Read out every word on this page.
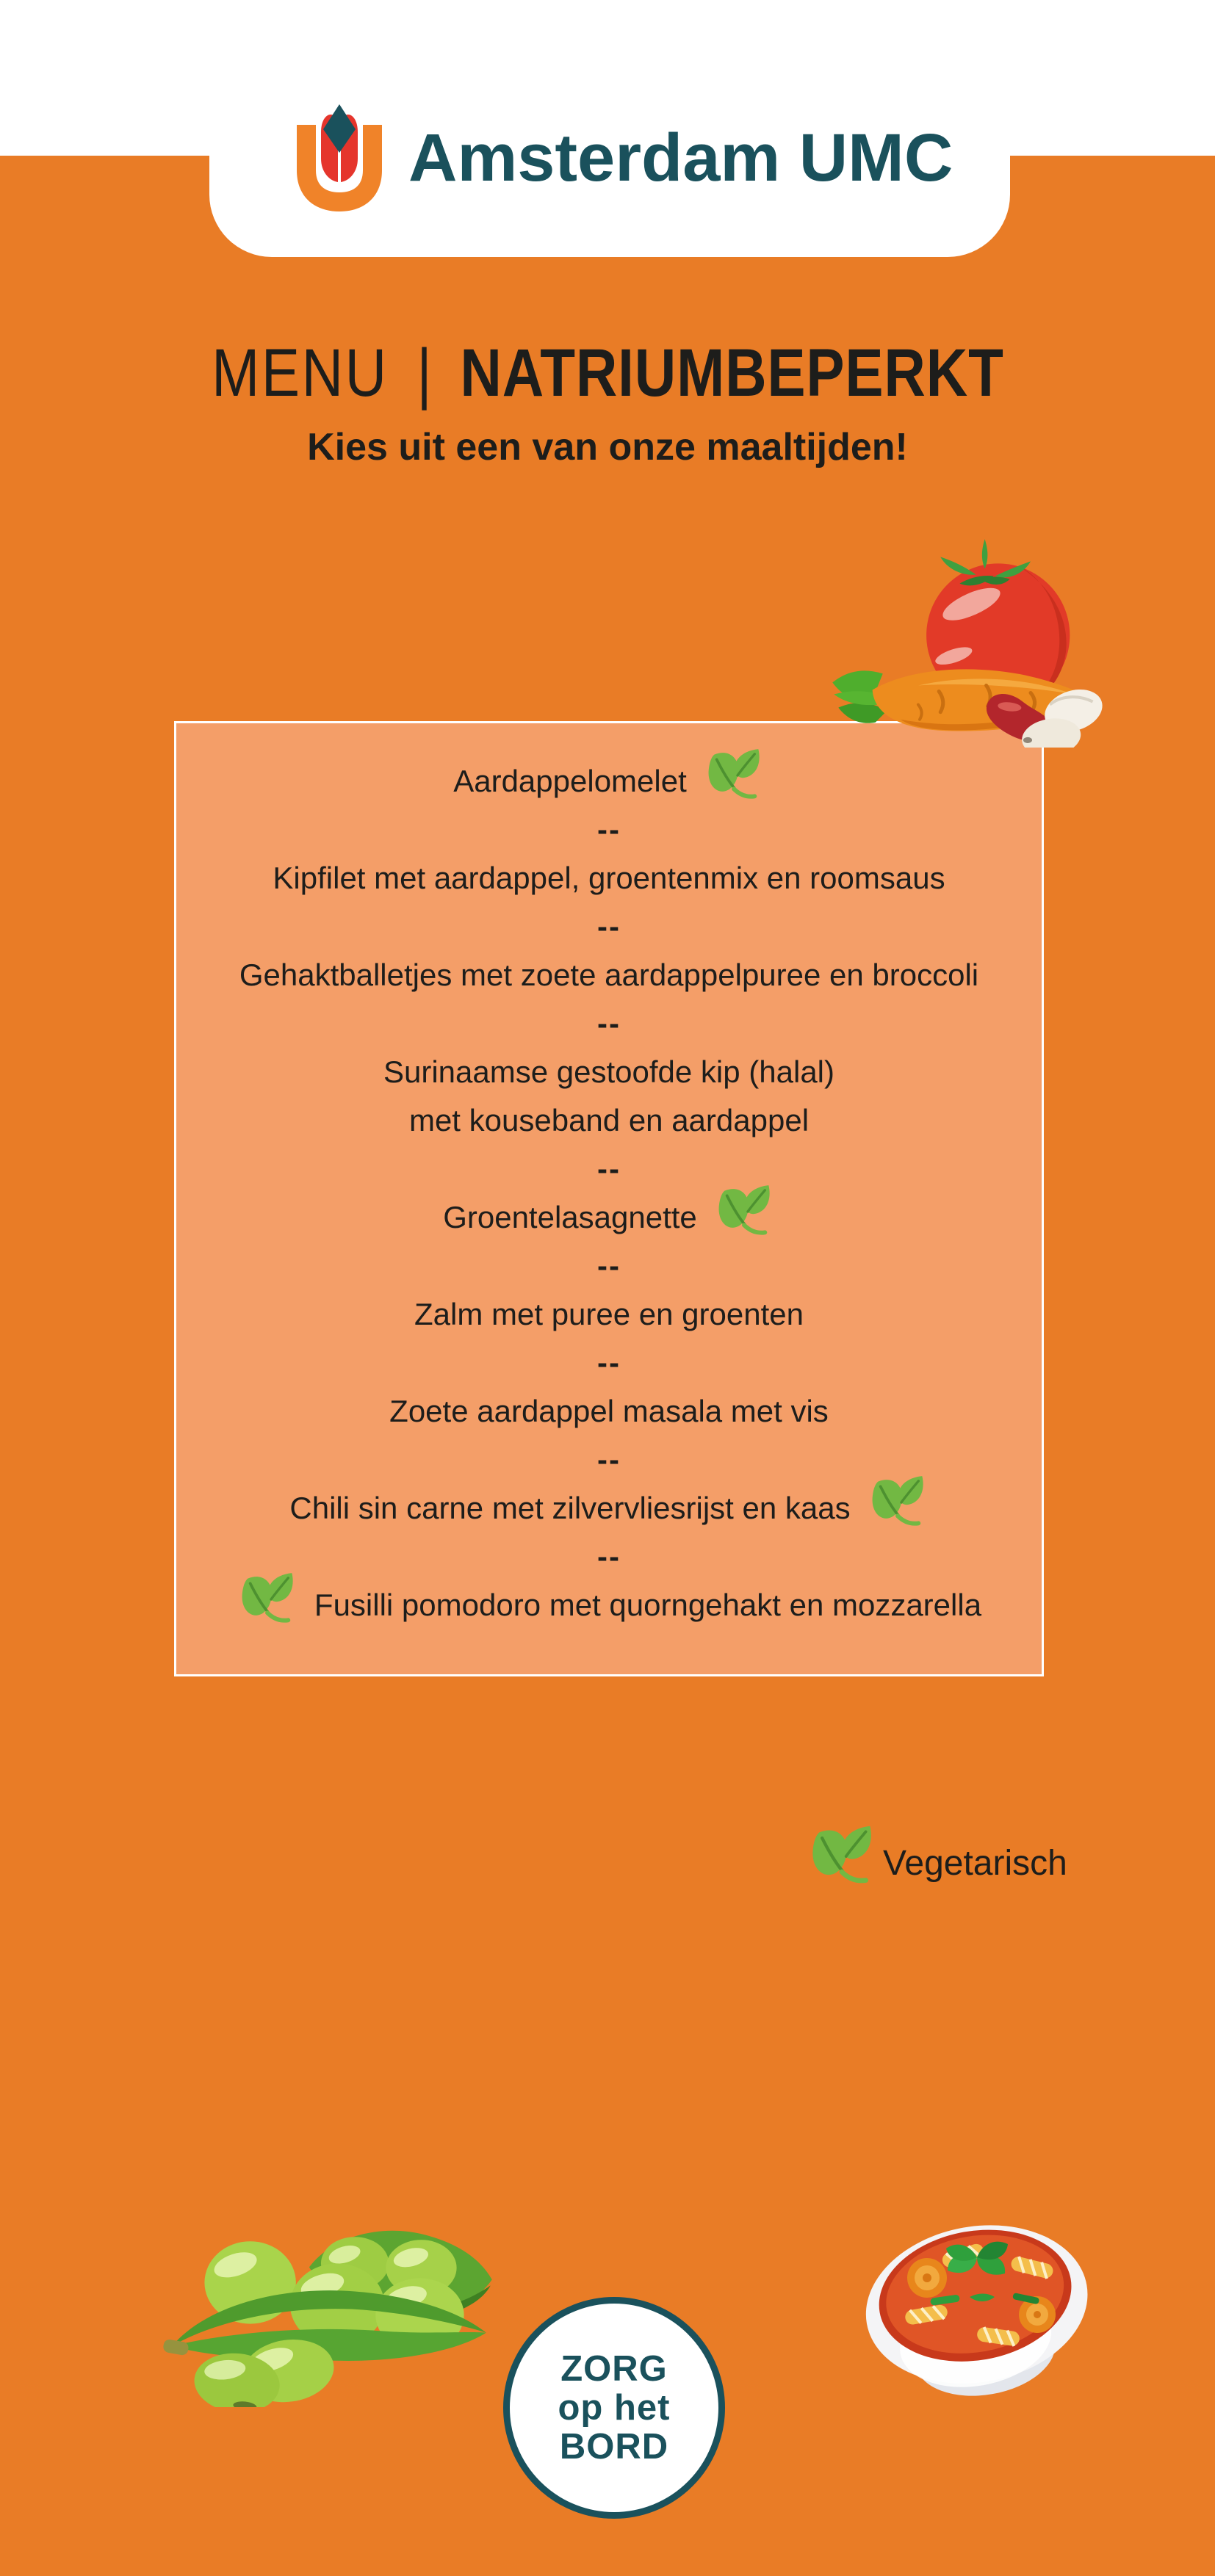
Amsterdam UMC
MENU | NATRIUMBEPERKT
Kies uit een van onze maaltijden!
Aardappelomelet
--
Kipfilet met aardappel, groentenmix en roomsaus
--
Gehaktballetjes met zoete aardappelpuree en broccoli
--
Surinaamse gestoofde kip (halal)
met kouseband en aardappel
--
Groentelasagnette
--
Zalm met puree en groenten
--
Zoete aardappel masala met vis
--
Chili sin carne met zilvervliesrijst en kaas
--
Fusilli pomodoro met quorngehakt en mozzarella
Vegetarisch
ZORG
op het
BORD
